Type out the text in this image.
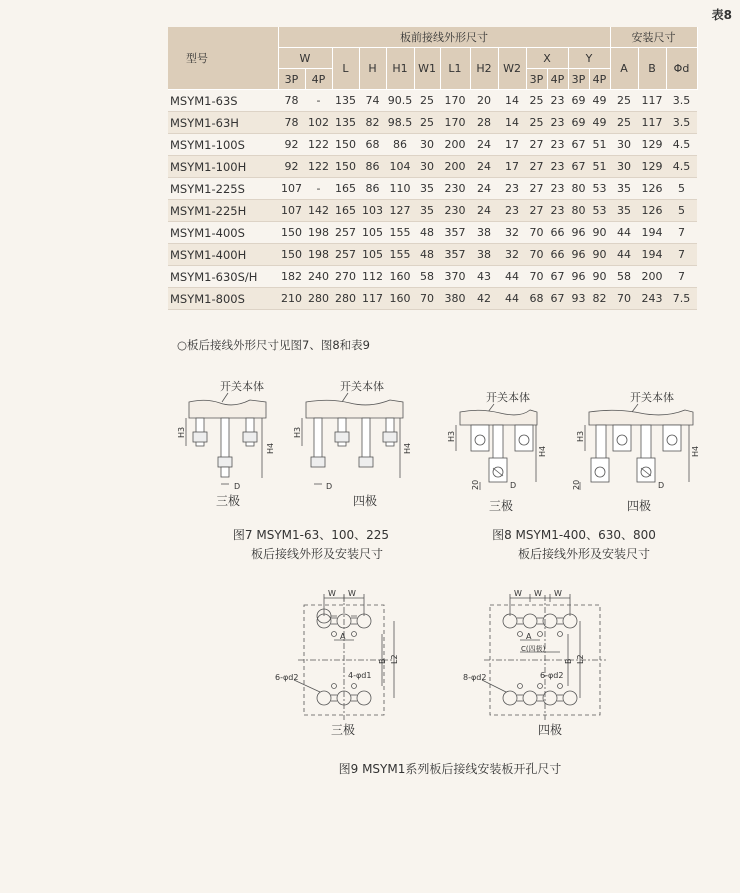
表8
型号	板前接线外形尺寸													安装尺寸		
	W		L	H	H1	W1	L1	H2	W2	X		Y		A	B	Φd
	3P	4P								3P	4P	3P	4P			
MSYM1-63S	78	-	135	74	90.5	25	170	20	14	25	23	69	49	25	117	3.5
MSYM1-63H	78	102	135	82	98.5	25	170	28	14	25	23	69	49	25	117	3.5
MSYM1-100S	92	122	150	68	86	30	200	24	17	27	23	67	51	30	129	4.5
MSYM1-100H	92	122	150	86	104	30	200	24	17	27	23	67	51	30	129	4.5
MSYM1-225S	107	-	165	86	110	35	230	24	23	27	23	80	53	35	126	5
MSYM1-225H	107	142	165	103	127	35	230	24	23	27	23	80	53	35	126	5
MSYM1-400S	150	198	257	105	155	48	357	38	32	70	66	96	90	44	194	7
MSYM1-400H	150	198	257	105	155	48	357	38	32	70	66	96	90	44	194	7
MSYM1-630S/H	182	240	270	112	160	58	370	43	44	70	67	96	90	58	200	7
MSYM1-800S	210	280	280	117	160	70	380	42	44	68	67	93	82	70	243	7.5
○板后接线外形尺寸见图7、图8和表9
开关本体
H3
H4
D
三极
开关本体
H3
H4
D
四极
开关本体
H3
H4
20	D
三极
开关本体
H3
H4
20	D
四极
W W
A
B L2
4-φd1
6-φd2
三极
W W W
A
C(四极)
B L2
6-φd2
8-φd2
四极
图7 MSYM1-63、100、225
板后接线外形及安装尺寸
图8 MSYM1-400、630、800
板后接线外形及安装尺寸
图9 MSYM1系列板后接线安装板开孔尺寸
